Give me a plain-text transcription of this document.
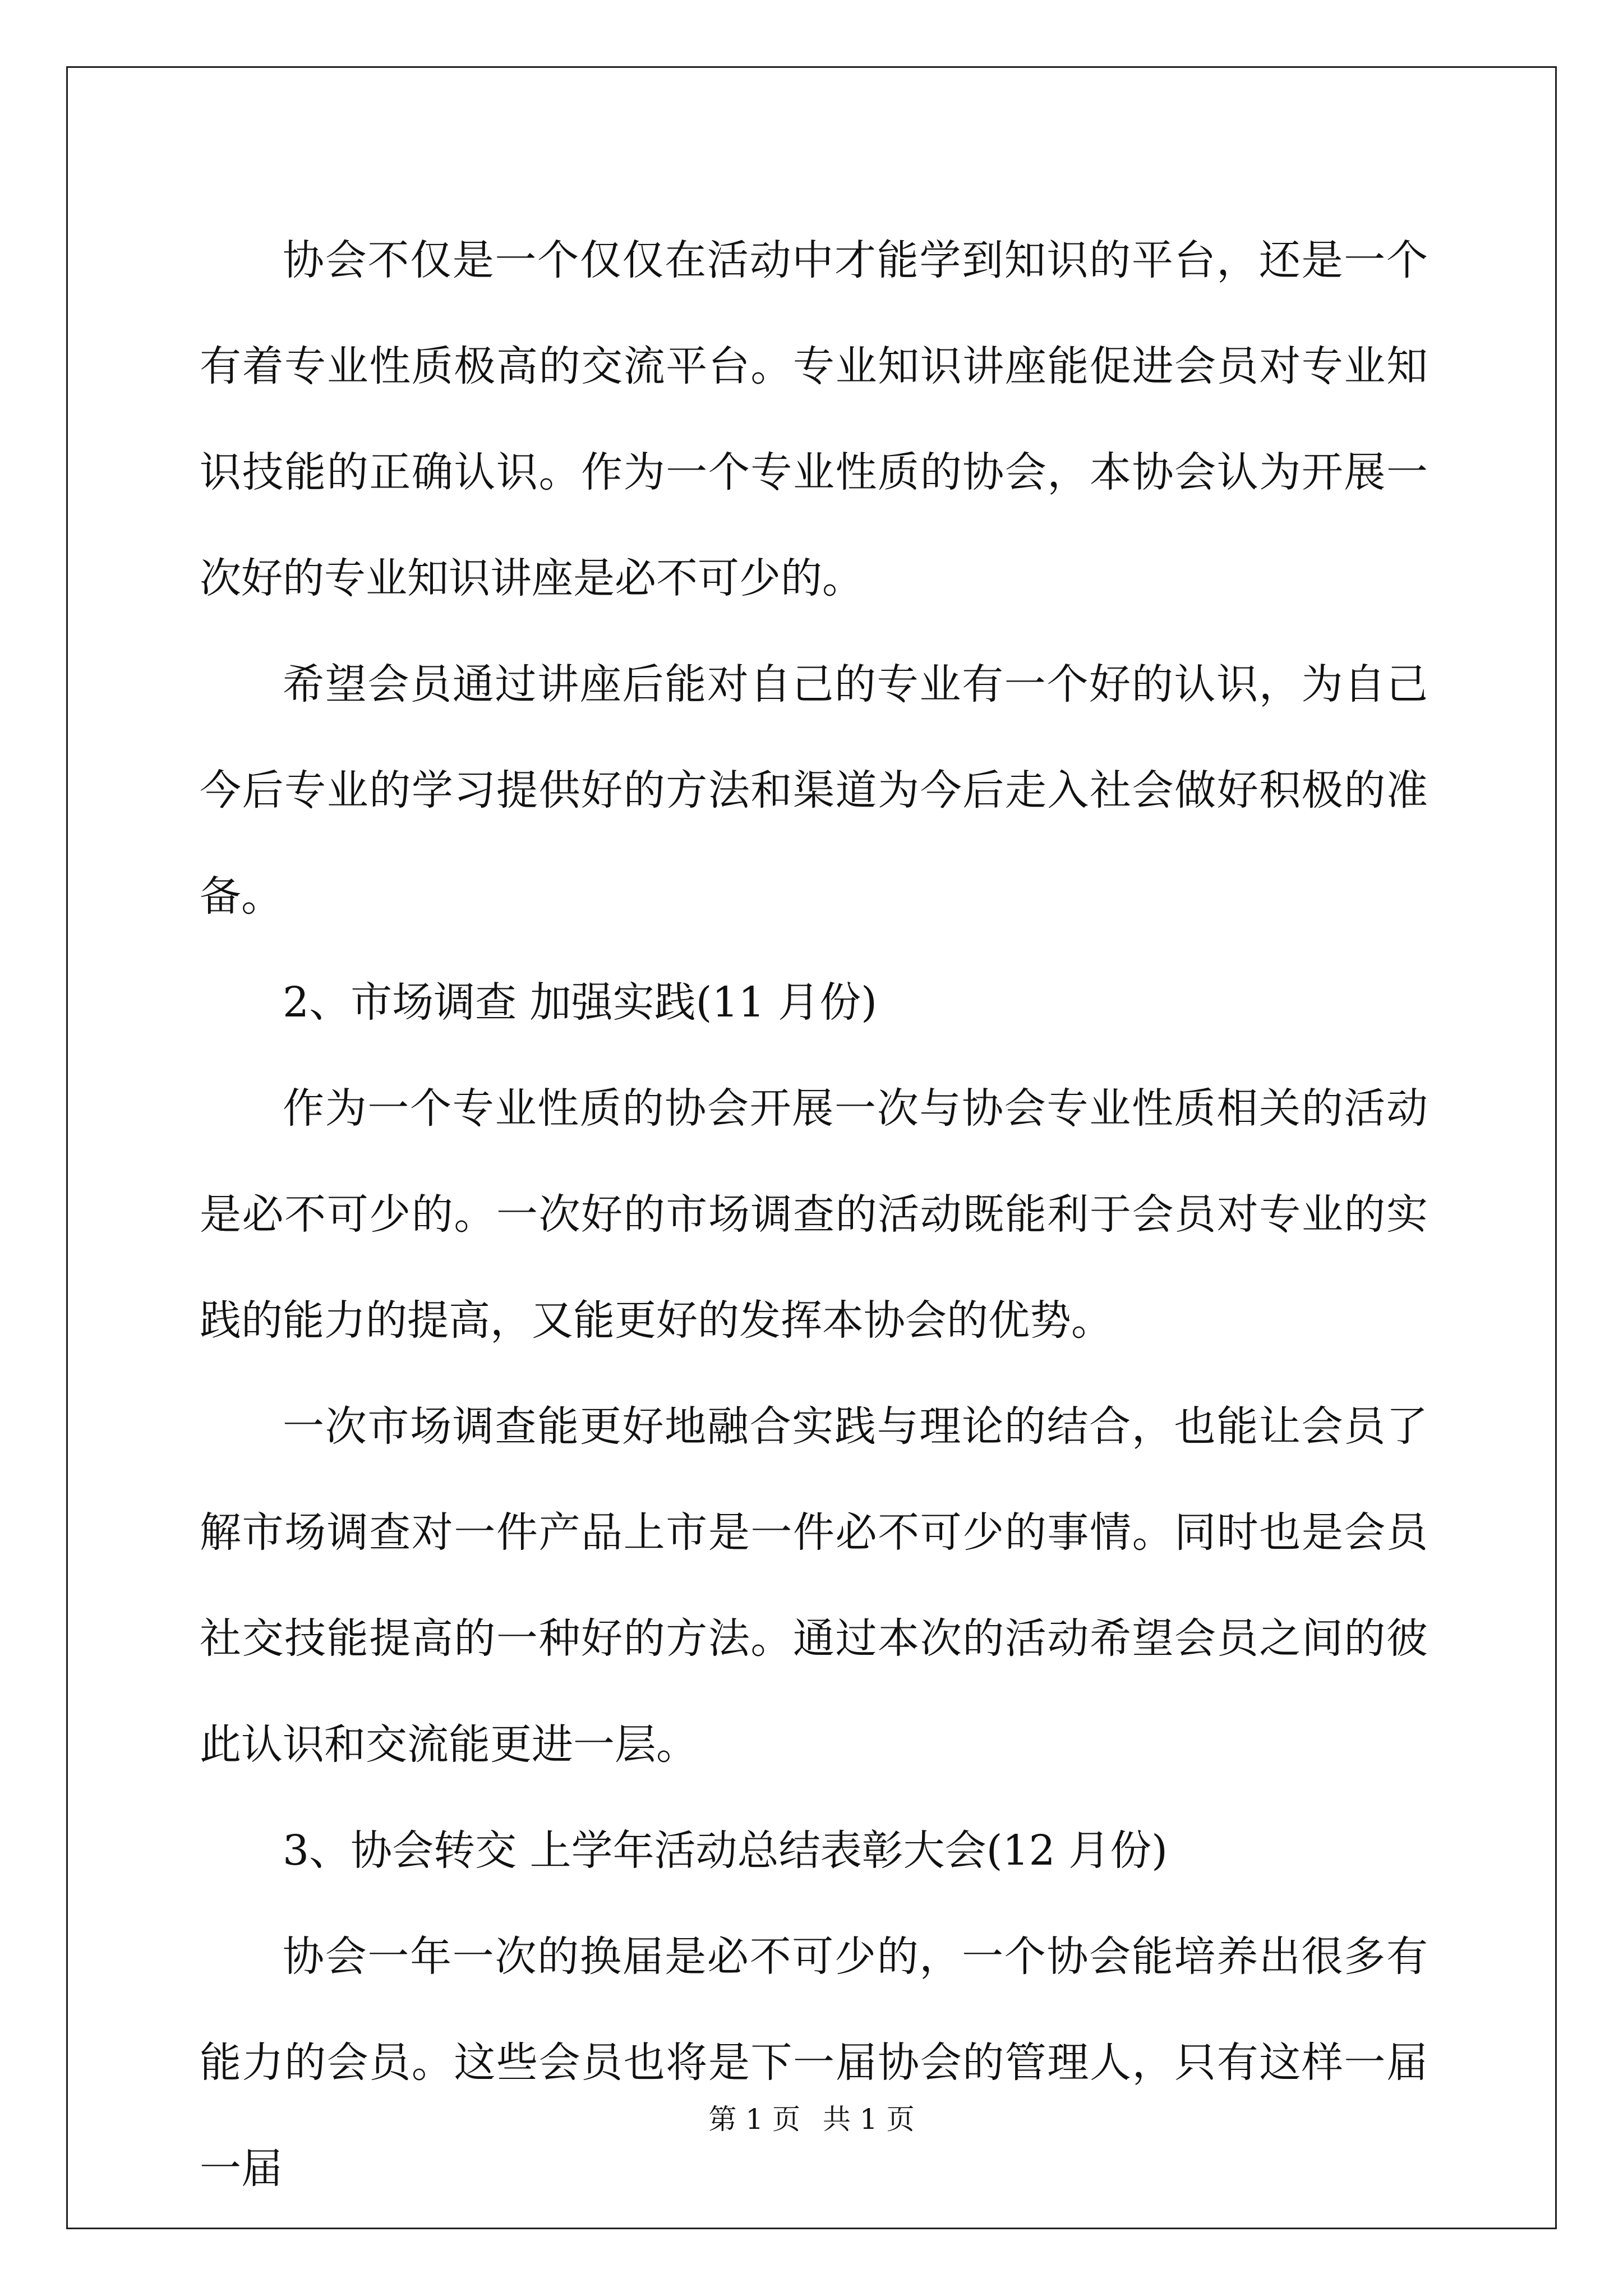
协会不仅是一个仅仅在活动中才能学到知识的平台，还是一个有着专业性质极高的交流平台。专业知识讲座能促进会员对专业知识技能的正确认识。作为一个专业性质的协会，本协会认为开展一次好的专业知识讲座是必不可少的。

希望会员通过讲座后能对自己的专业有一个好的认识，为自己今后专业的学习提供好的方法和渠道为今后走入社会做好积极的准备。

2、市场调查 加强实践(11 月份)

作为一个专业性质的协会开展一次与协会专业性质相关的活动是必不可少的。一次好的市场调查的活动既能利于会员对专业的实践的能力的提高，又能更好的发挥本协会的优势。

一次市场调查能更好地融合实践与理论的结合，也能让会员了解市场调查对一件产品上市是一件必不可少的事情。同时也是会员社交技能提高的一种好的方法。通过本次的活动希望会员之间的彼此认识和交流能更进一层。

3、协会转交 上学年活动总结表彰大会(12 月份)

协会一年一次的换届是必不可少的，一个协会能培养出很多有能力的会员。这些会员也将是下一届协会的管理人，只有这样一届一届

第 1 页 共 1 页
